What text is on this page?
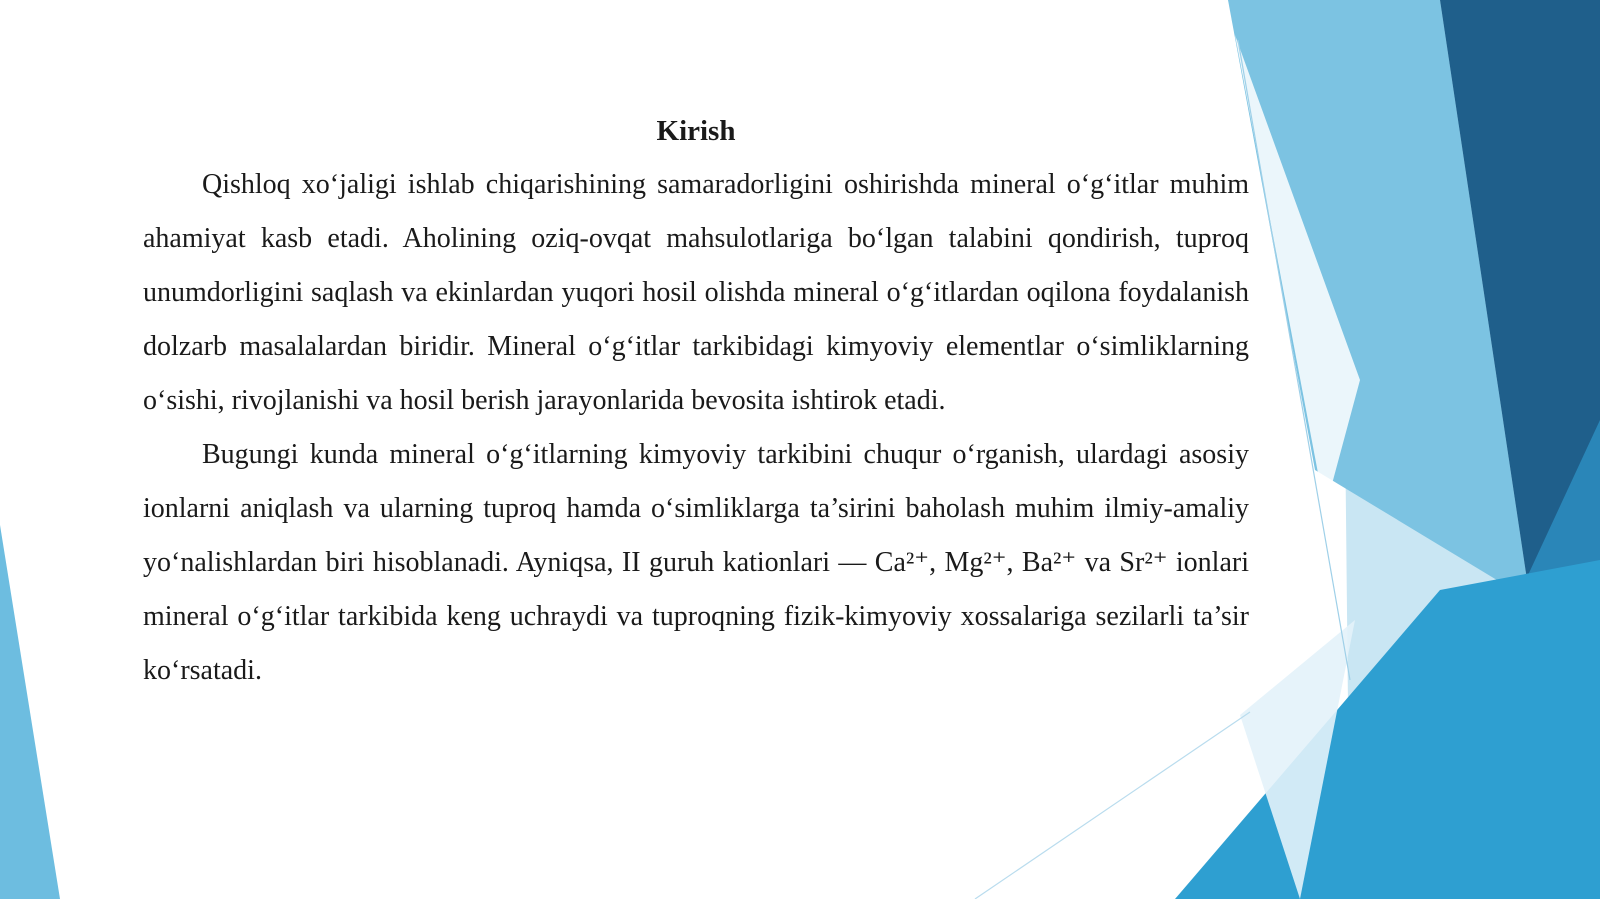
Kirish

Qishloq xo‘jaligi ishlab chiqarishining samaradorligini oshirishda mineral o‘g‘itlar muhim ahamiyat kasb etadi. Aholining oziq-ovqat mahsulotlariga bo‘lgan talabini qondirish, tuproq unumdorligini saqlash va ekinlardan yuqori hosil olishda mineral o‘g‘itlardan oqilona foydalanish dolzarb masalalardan biridir. Mineral o‘g‘itlar tarkibidagi kimyoviy elementlar o‘simliklarning o‘sishi, rivojlanishi va hosil berish jarayonlarida bevosita ishtirok etadi.

Bugungi kunda mineral o‘g‘itlarning kimyoviy tarkibini chuqur o‘rganish, ulardagi asosiy ionlarni aniqlash va ularning tuproq hamda o‘simliklarga ta’sirini baholash muhim ilmiy-amaliy yo‘nalishlardan biri hisoblanadi. Ayniqsa, II guruh kationlari — Ca²⁺, Mg²⁺, Ba²⁺ va Sr²⁺ ionlari mineral o‘g‘itlar tarkibida keng uchraydi va tuproqning fizik-kimyoviy xossalariga sezilarli ta’sir ko‘rsatadi.
